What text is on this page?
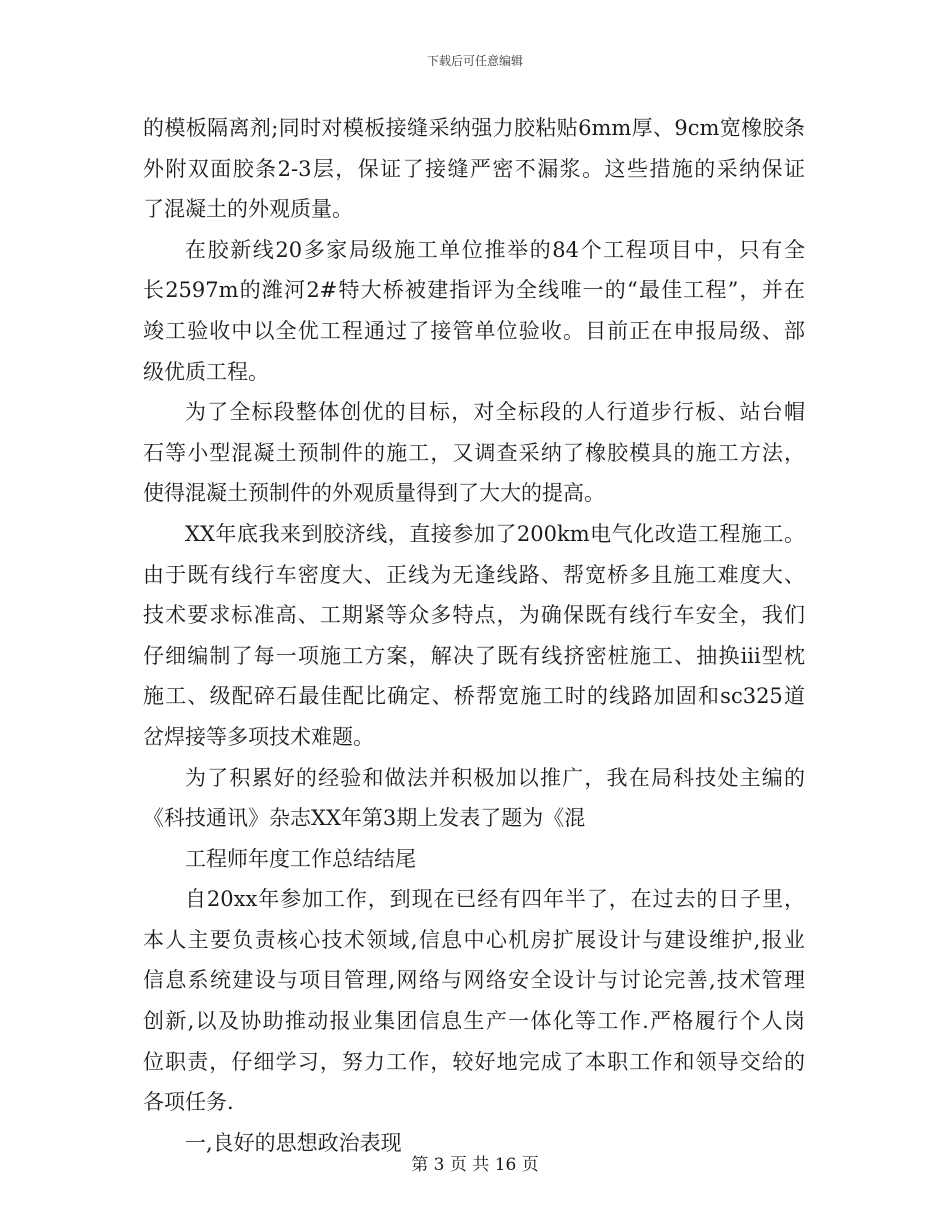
下载后可任意编辑
的模板隔离剂;同时对模板接缝采纳强力胶粘贴6mm厚、9cm宽橡胶条
外附双面胶条2-3层，保证了接缝严密不漏浆。这些措施的采纳保证
了混凝土的外观质量。
在胶新线20多家局级施工单位推举的84个工程项目中，只有全
长2597m的潍河2#特大桥被建指评为全线唯一的“最佳工程”，并在
竣工验收中以全优工程通过了接管单位验收。目前正在申报局级、部
级优质工程。
为了全标段整体创优的目标，对全标段的人行道步行板、站台帽
石等小型混凝土预制件的施工，又调查采纳了橡胶模具的施工方法，
使得混凝土预制件的外观质量得到了大大的提高。
XX年底我来到胶济线，直接参加了200km电气化改造工程施工。
由于既有线行车密度大、正线为无逢线路、帮宽桥多且施工难度大、
技术要求标准高、工期紧等众多特点，为确保既有线行车安全，我们
仔细编制了每一项施工方案，解决了既有线挤密桩施工、抽换iii型枕
施工、级配碎石最佳配比确定、桥帮宽施工时的线路加固和sc325道
岔焊接等多项技术难题。
为了积累好的经验和做法并积极加以推广，我在局科技处主编的
《科技通讯》杂志XX年第3期上发表了题为《混
工程师年度工作总结结尾
自20xx年参加工作，到现在已经有四年半了，在过去的日子里，
本人主要负责核心技术领域,信息中心机房扩展设计与建设维护,报业
信息系统建设与项目管理,网络与网络安全设计与讨论完善,技术管理
创新,以及协助推动报业集团信息生产一体化等工作.严格履行个人岗
位职责，仔细学习，努力工作，较好地完成了本职工作和领导交给的
各项任务.
一,良好的思想政治表现
第 3 页 共 16 页
